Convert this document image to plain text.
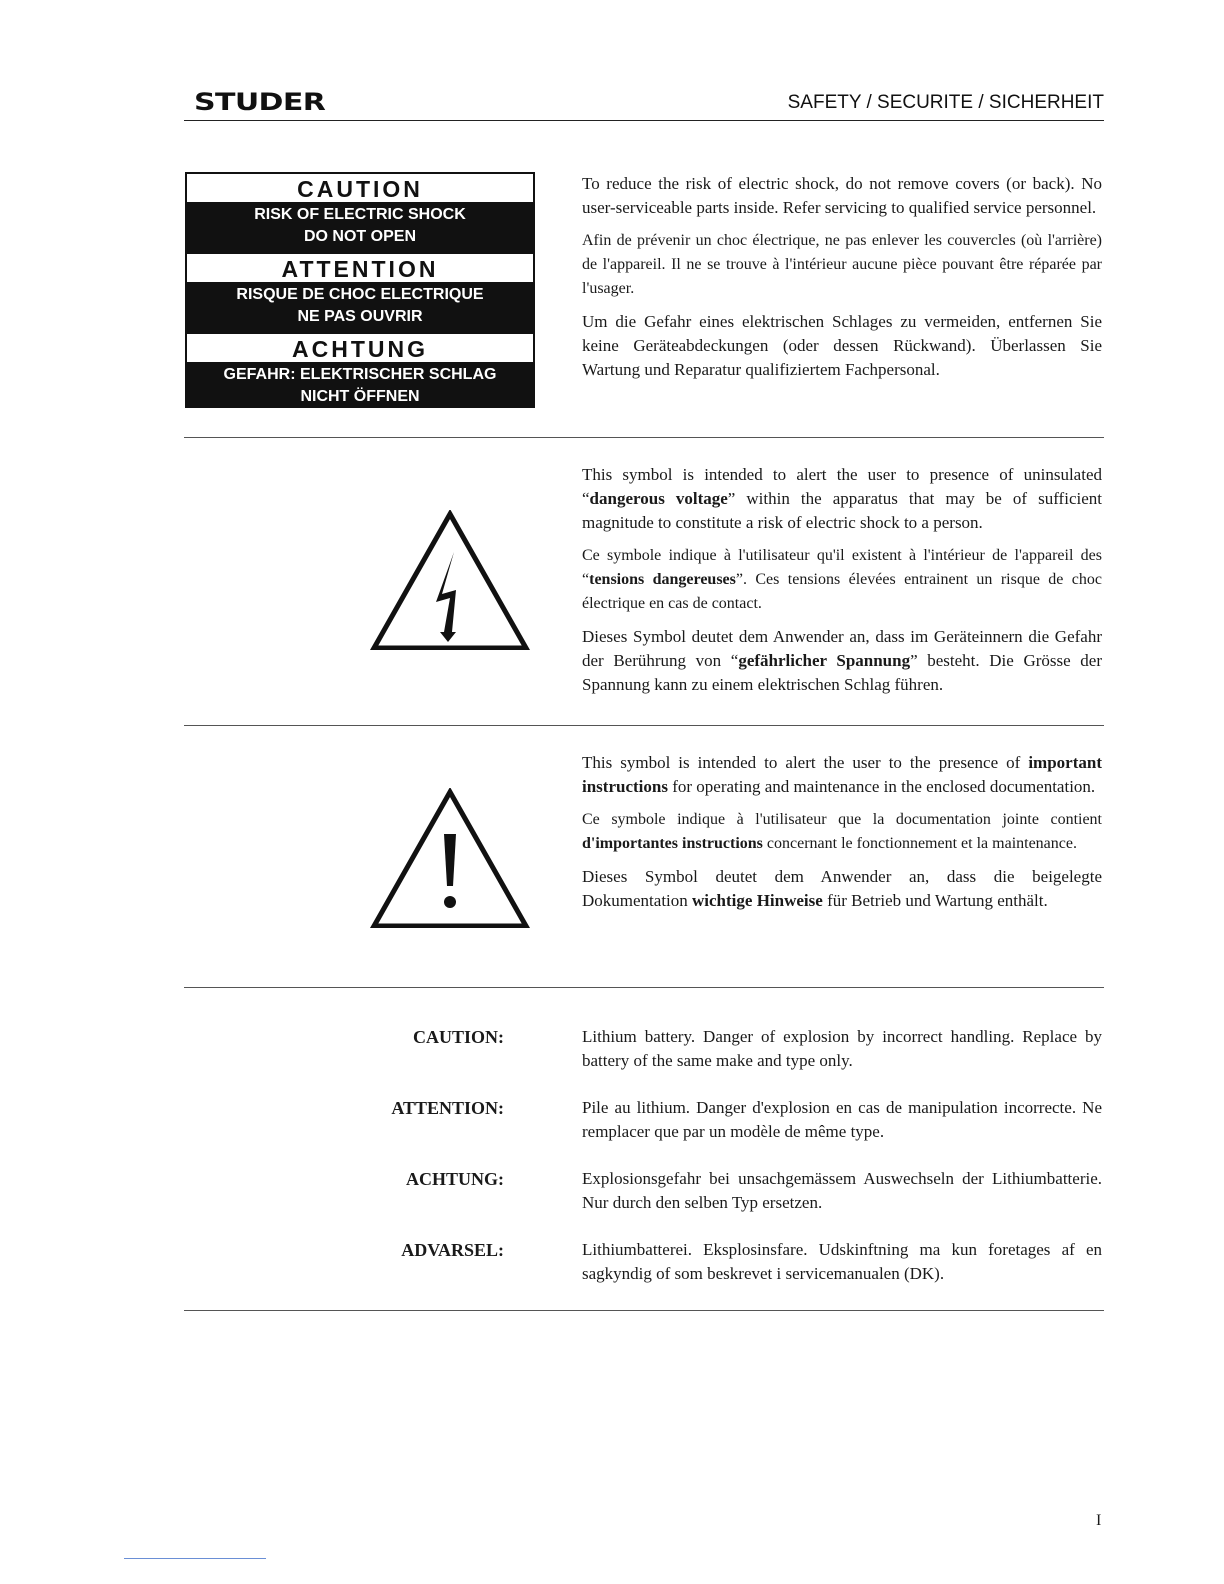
STUDER	SAFETY / SECURITE / SICHERHEIT
CAUTION
RISK OF ELECTRIC SHOCK
DO NOT OPEN
ATTENTION
RISQUE DE CHOC ELECTRIQUE
NE PAS OUVRIR
ACHTUNG
GEFAHR: ELEKTRISCHER SCHLAG
NICHT ÖFFNEN

To reduce the risk of electric shock, do not remove covers (or back). No user-serviceable parts inside. Refer servicing to qualified service personnel.

Afin de prévenir un choc électrique, ne pas enlever les couvercles (où l'arrière) de l'appareil. Il ne se trouve à l'intérieur aucune pièce pouvant être réparée par l'usager.

Um die Gefahr eines elektrischen Schlages zu vermeiden, entfernen Sie keine Geräteabdeckungen (oder dessen Rückwand). Überlassen Sie Wartung und Reparatur qualifiziertem Fachpersonal.

This symbol is intended to alert the user to presence of uninsulated “dangerous voltage” within the apparatus that may be of sufficient magnitude to constitute a risk of electric shock to a person.

Ce symbole indique à l'utilisateur qu'il existent à l'intérieur de l'appareil des “tensions dangereuses”. Ces tensions élevées entrainent un risque de choc électrique en cas de contact.

Dieses Symbol deutet dem Anwender an, dass im Geräteinnern die Gefahr der Berührung von “gefährlicher Spannung” besteht. Die Grösse der Spannung kann zu einem elektrischen Schlag führen.

This symbol is intended to alert the user to the presence of important instructions for operating and maintenance in the enclosed documentation.

Ce symbole indique à l'utilisateur que la documentation jointe contient d'importantes instructions concernant le fonctionnement et la maintenance.

Dieses Symbol deutet dem Anwender an, dass die beigelegte Dokumentation wichtige Hinweise für Betrieb und Wartung enthält.

CAUTION:	Lithium battery. Danger of explosion by incorrect handling. Replace by battery of the same make and type only.
ATTENTION:	Pile au lithium. Danger d'explosion en cas de manipulation incorrecte. Ne remplacer que par un modèle de même type.
ACHTUNG:	Explosionsgefahr bei unsachgemässem Auswechseln der Lithiumbatterie. Nur durch den selben Typ ersetzen.
ADVARSEL:	Lithiumbatterei. Eksplosinsfare. Udskinftning ma kun foretages af en sagkyndig of som beskrevet i servicemanualen (DK).
I
